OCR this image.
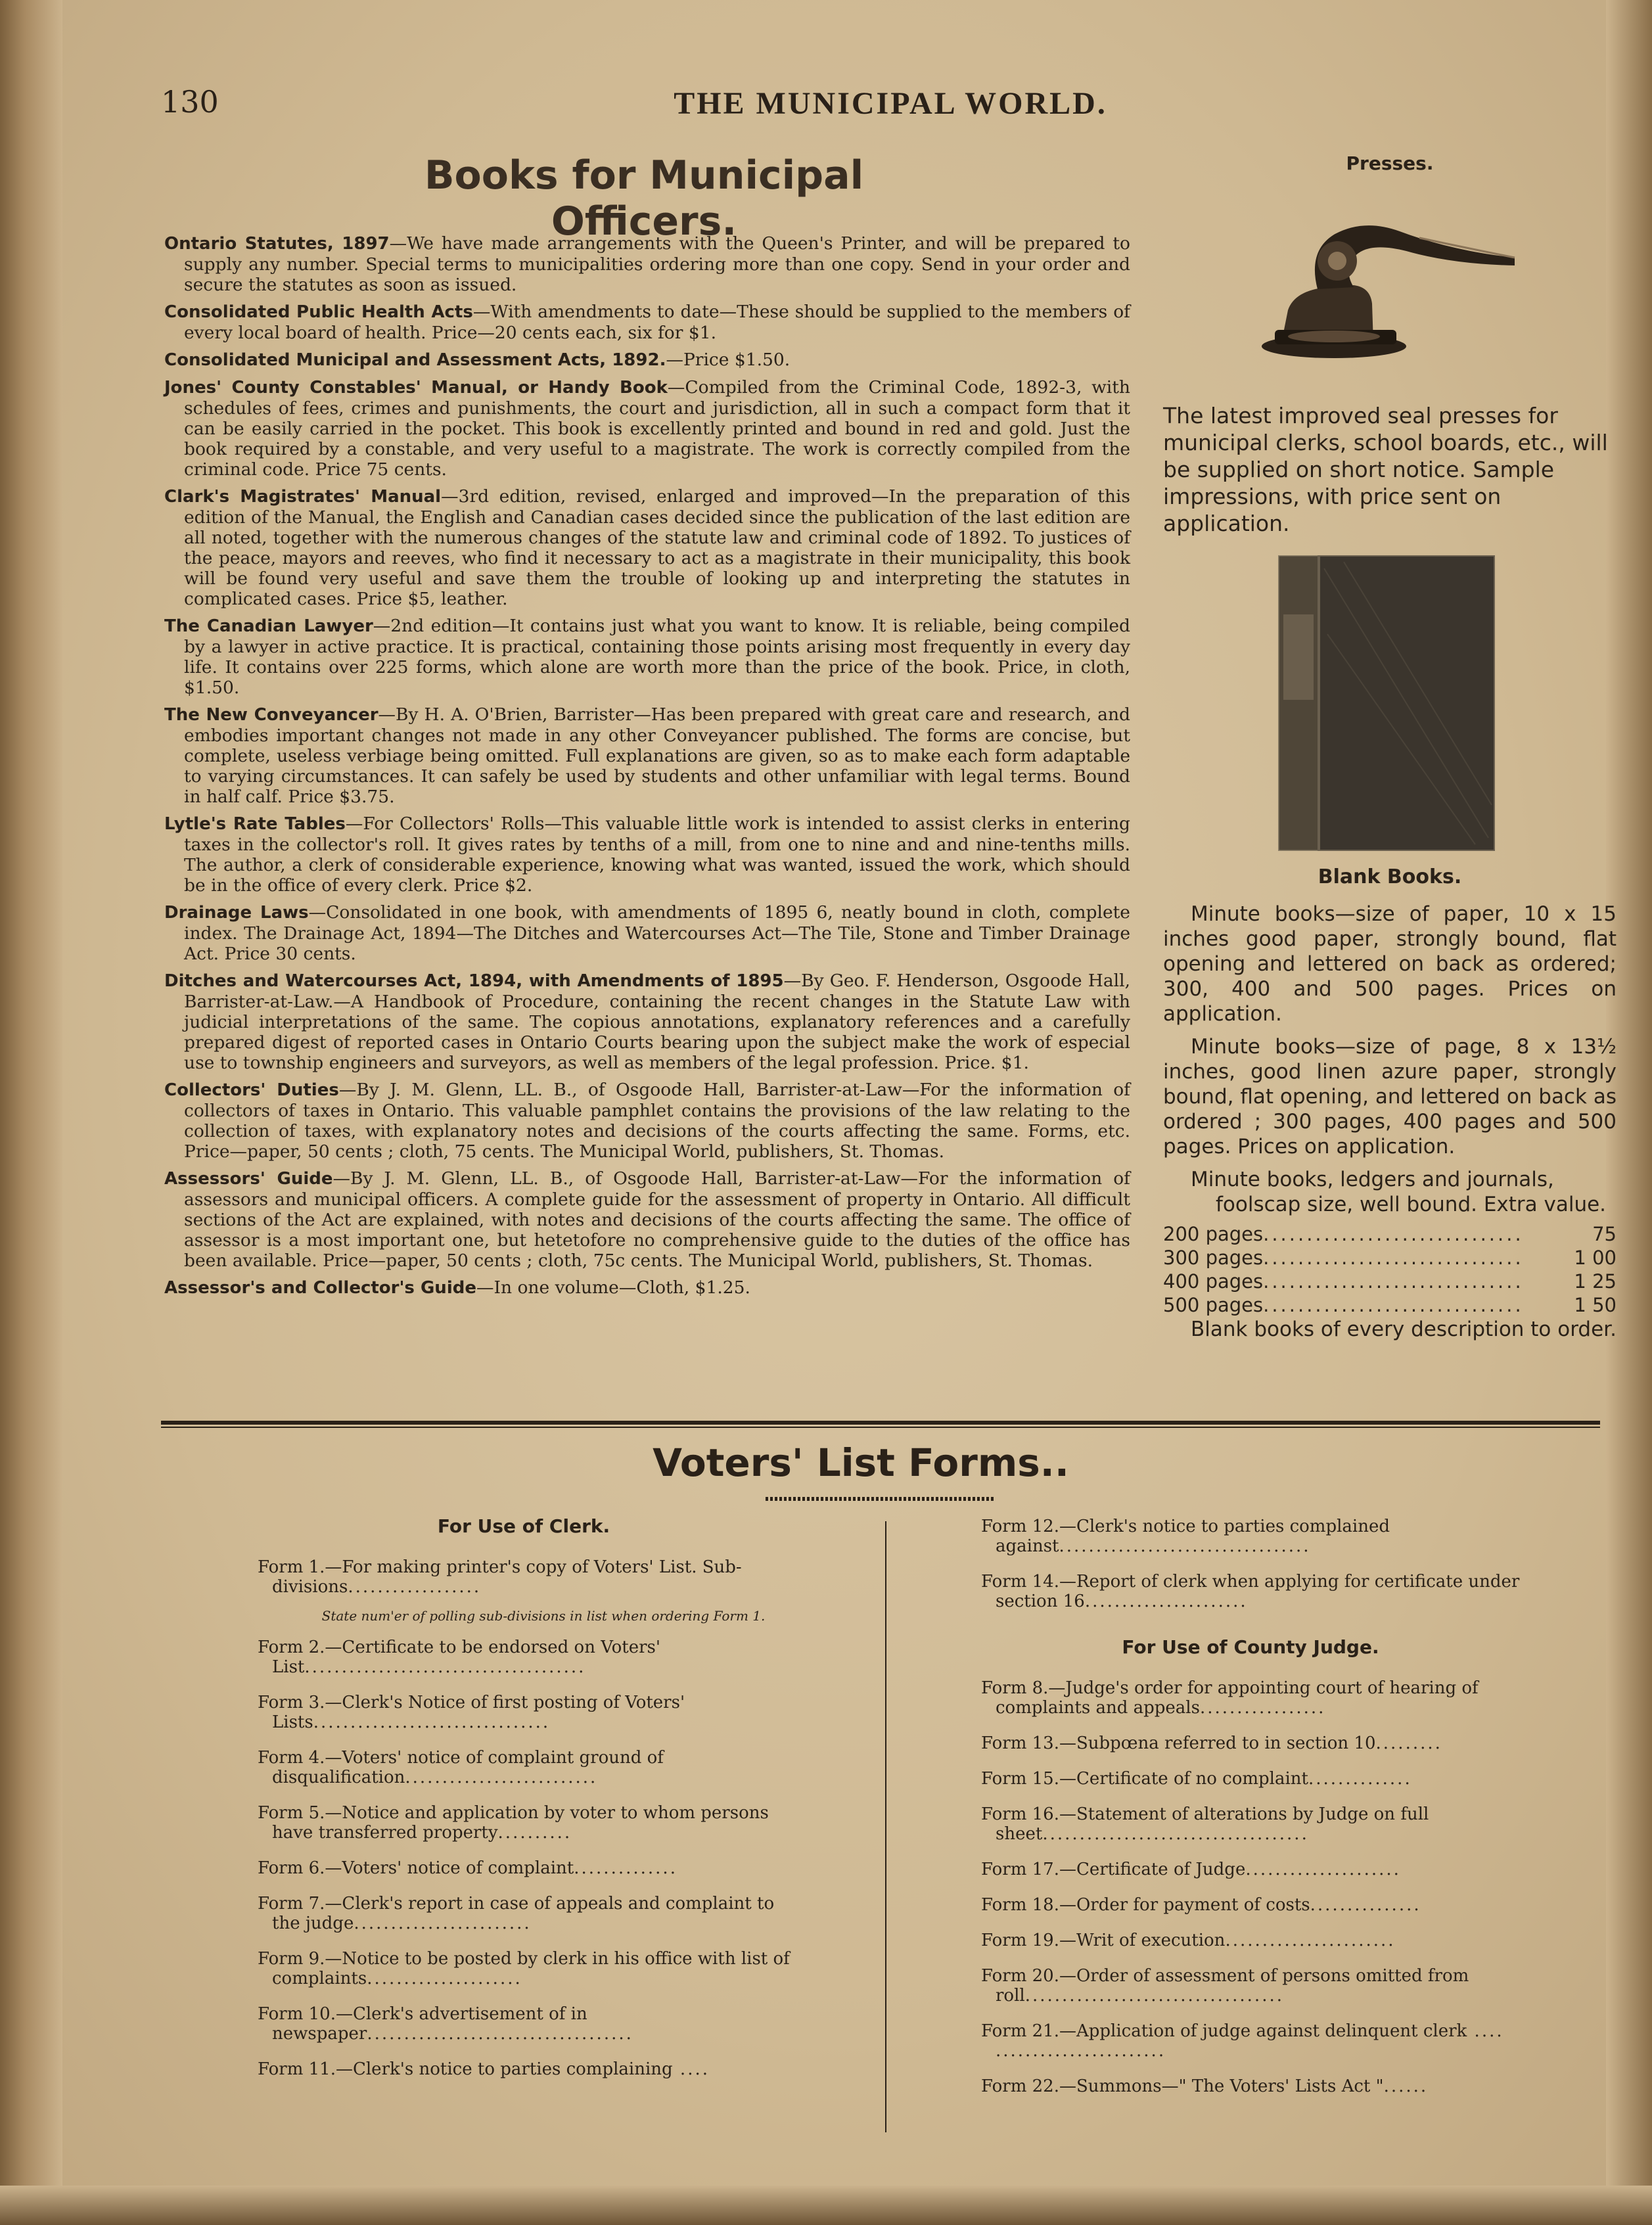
130	THE MUNICIPAL WORLD.
Books for Municipal Officers.

Ontario Statutes, 1897—We have made arrangements with the Queen's Printer, and will be prepared to supply any number. Special terms to municipalities ordering more than one copy. Send in your order and secure the statutes as soon as issued.

Consolidated Public Health Acts—With amendments to date—These should be supplied to the members of every local board of health. Price—20 cents each, six for $1.

Consolidated Municipal and Assessment Acts, 1892.—Price $1.50.

Jones' County Constables' Manual, or Handy Book—Compiled from the Criminal Code, 1892-3, with schedules of fees, crimes and punishments, the court and jurisdiction, all in such a compact form that it can be easily carried in the pocket. This book is excellently printed and bound in red and gold. Just the book required by a constable, and very useful to a magistrate. The work is correctly compiled from the criminal code. Price 75 cents.

Clark's Magistrates' Manual—3rd edition, revised, enlarged and improved—In the preparation of this edition of the Manual, the English and Canadian cases decided since the publication of the last edition are all noted, together with the numerous changes of the statute law and criminal code of 1892. To justices of the peace, mayors and reeves, who find it necessary to act as a magistrate in their municipality, this book will be found very useful and save them the trouble of looking up and interpreting the statutes in complicated cases. Price $5, leather.

The Canadian Lawyer—2nd edition—It contains just what you want to know. It is reliable, being compiled by a lawyer in active practice. It is practical, containing those points arising most frequently in every day life. It contains over 225 forms, which alone are worth more than the price of the book. Price, in cloth, $1.50.

The New Conveyancer—By H. A. O'Brien, Barrister—Has been prepared with great care and research, and embodies important changes not made in any other Conveyancer published. The forms are concise, but complete, useless verbiage being omitted. Full explanations are given, so as to make each form adaptable to varying circumstances. It can safely be used by students and other unfamiliar with legal terms. Bound in half calf. Price $3.75.

Lytle's Rate Tables—For Collectors' Rolls—This valuable little work is intended to assist clerks in entering taxes in the collector's roll. It gives rates by tenths of a mill, from one to nine and and nine-tenths mills. The author, a clerk of considerable experience, knowing what was wanted, issued the work, which should be in the office of every clerk. Price $2.

Drainage Laws—Consolidated in one book, with amendments of 1895 6, neatly bound in cloth, complete index. The Drainage Act, 1894—The Ditches and Watercourses Act—The Tile, Stone and Timber Drainage Act. Price 30 cents.

Ditches and Watercourses Act, 1894, with Amendments of 1895—By Geo. F. Henderson, Osgoode Hall, Barrister-at-Law.—A Handbook of Procedure, containing the recent changes in the Statute Law with judicial interpretations of the same. The copious annotations, explanatory references and a carefully prepared digest of reported cases in Ontario Courts bearing upon the subject make the work of especial use to township engineers and surveyors, as well as members of the legal profession. Price. $1.

Collectors' Duties—By J. M. Glenn, LL. B., of Osgoode Hall, Barrister-at-Law—For the information of collectors of taxes in Ontario. This valuable pamphlet contains the provisions of the law relating to the collection of taxes, with explanatory notes and decisions of the courts affecting the same. Forms, etc. Price—paper, 50 cents ; cloth, 75 cents. The Municipal World, publishers, St. Thomas.

Assessors' Guide—By J. M. Glenn, LL. B., of Osgoode Hall, Barrister-at-Law—For the information of assessors and municipal officers. A complete guide for the assessment of property in Ontario. All difficult sections of the Act are explained, with notes and decisions of the courts affecting the same. The office of assessor is a most important one, but hetetofore no comprehensive guide to the duties of the office has been available. Price—paper, 50 cents ; cloth, 75c cents. The Municipal World, publishers, St. Thomas.

Assessor's and Collector's Guide—In one volume—Cloth, $1.25.

Presses.

The latest improved seal presses for municipal clerks, school boards, etc., will be supplied on short notice. Sample impressions, with price sent on application.

Blank Books.

Minute books—size of paper, 10 x 15 inches good paper, strongly bound, flat opening and lettered on back as ordered; 300, 400 and 500 pages. Prices on application.

Minute books—size of page, 8 x 13½ inches, good linen azure paper, strongly bound, flat opening, and lettered on back as ordered ; 300 pages, 400 pages and 500 pages. Prices on application.

Minute books, ledgers and journals, foolscap size, well bound. Extra value.

200 pages ..............................	75
300 pages ..............................	1 00
400 pages ..............................	1 25
500 pages ..............................	1 50

Blank books of every description to order.

Voters' List Forms..

For Use of Clerk.

Form 1.—For making printer's copy of Voters' List. Sub-divisions..................

State num'er of polling sub-divisions in list when ordering Form 1.

Form 2.—Certificate to be endorsed on Voters' List......................................

Form 3.—Clerk's Notice of first posting of Voters' Lists................................

Form 4.—Voters' notice of complaint ground of disqualification..........................

Form 5.—Notice and application by voter to whom persons have transferred property..........

Form 6.—Voters' notice of complaint..............

Form 7.—Clerk's report in case of appeals and complaint to the judge........................

Form 9.—Notice to be posted by clerk in his office with list of complaints.....................

Form 10.—Clerk's advertisement of in newspaper....................................

Form 11.—Clerk's notice to parties complaining ....

Form 12.—Clerk's notice to parties complained against..................................

Form 14.—Report of clerk when applying for certificate under section 16......................

For Use of County Judge.

Form 8.—Judge's order for appointing court of hearing of complaints and appeals.................

Form 13.—Subpœna referred to in section 10.........

Form 15.—Certificate of no complaint..............

Form 16.—Statement of alterations by Judge on full sheet....................................

Form 17.—Certificate of Judge.....................

Form 18.—Order for payment of costs...............

Form 19.—Writ of execution.......................

Form 20.—Order of assessment of persons omitted from roll...................................

Form 21.—Application of judge against delinquent clerk .... .......................

Form 22.—Summons—" The Voters' Lists Act "......
